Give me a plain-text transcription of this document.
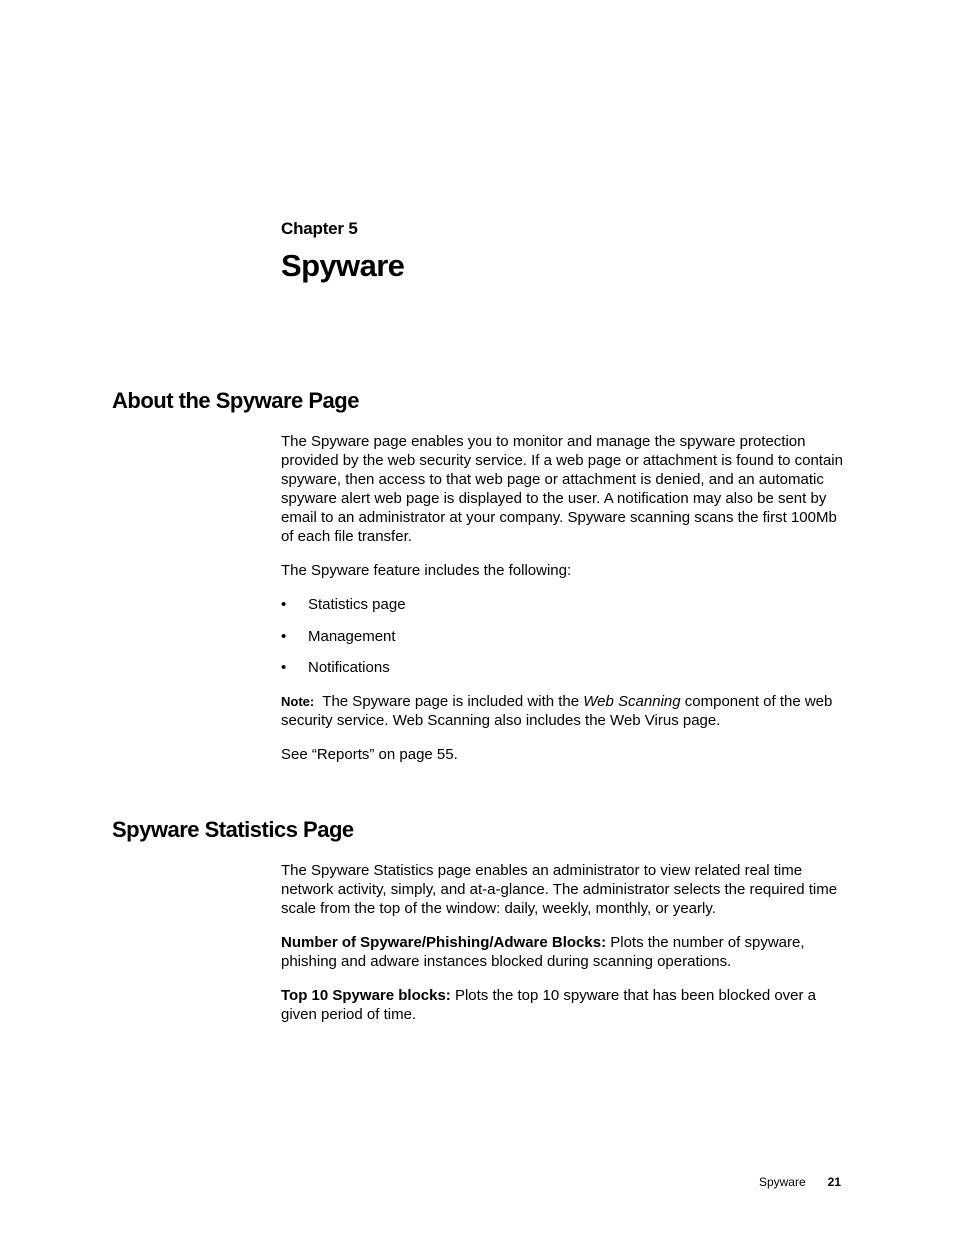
Chapter 5
Spyware
About the Spyware Page

The Spyware page enables you to monitor and manage the spyware protection provided by the web security service. If a web page or attachment is found to contain spyware, then access to that web page or attachment is denied, and an automatic spyware alert web page is displayed to the user. A notification may also be sent by email to an administrator at your company. Spyware scanning scans the first 100Mb of each file transfer.

The Spyware feature includes the following:

• Statistics page
• Management
• Notifications

Note: The Spyware page is included with the Web Scanning component of the web security service. Web Scanning also includes the Web Virus page.

See “Reports” on page 55.

Spyware Statistics Page

The Spyware Statistics page enables an administrator to view related real time network activity, simply, and at-a-glance. The administrator selects the required time scale from the top of the window: daily, weekly, monthly, or yearly.

Number of Spyware/Phishing/Adware Blocks: Plots the number of spyware, phishing and adware instances blocked during scanning operations.

Top 10 Spyware blocks: Plots the top 10 spyware that has been blocked over a given period of time.

Spyware 21
